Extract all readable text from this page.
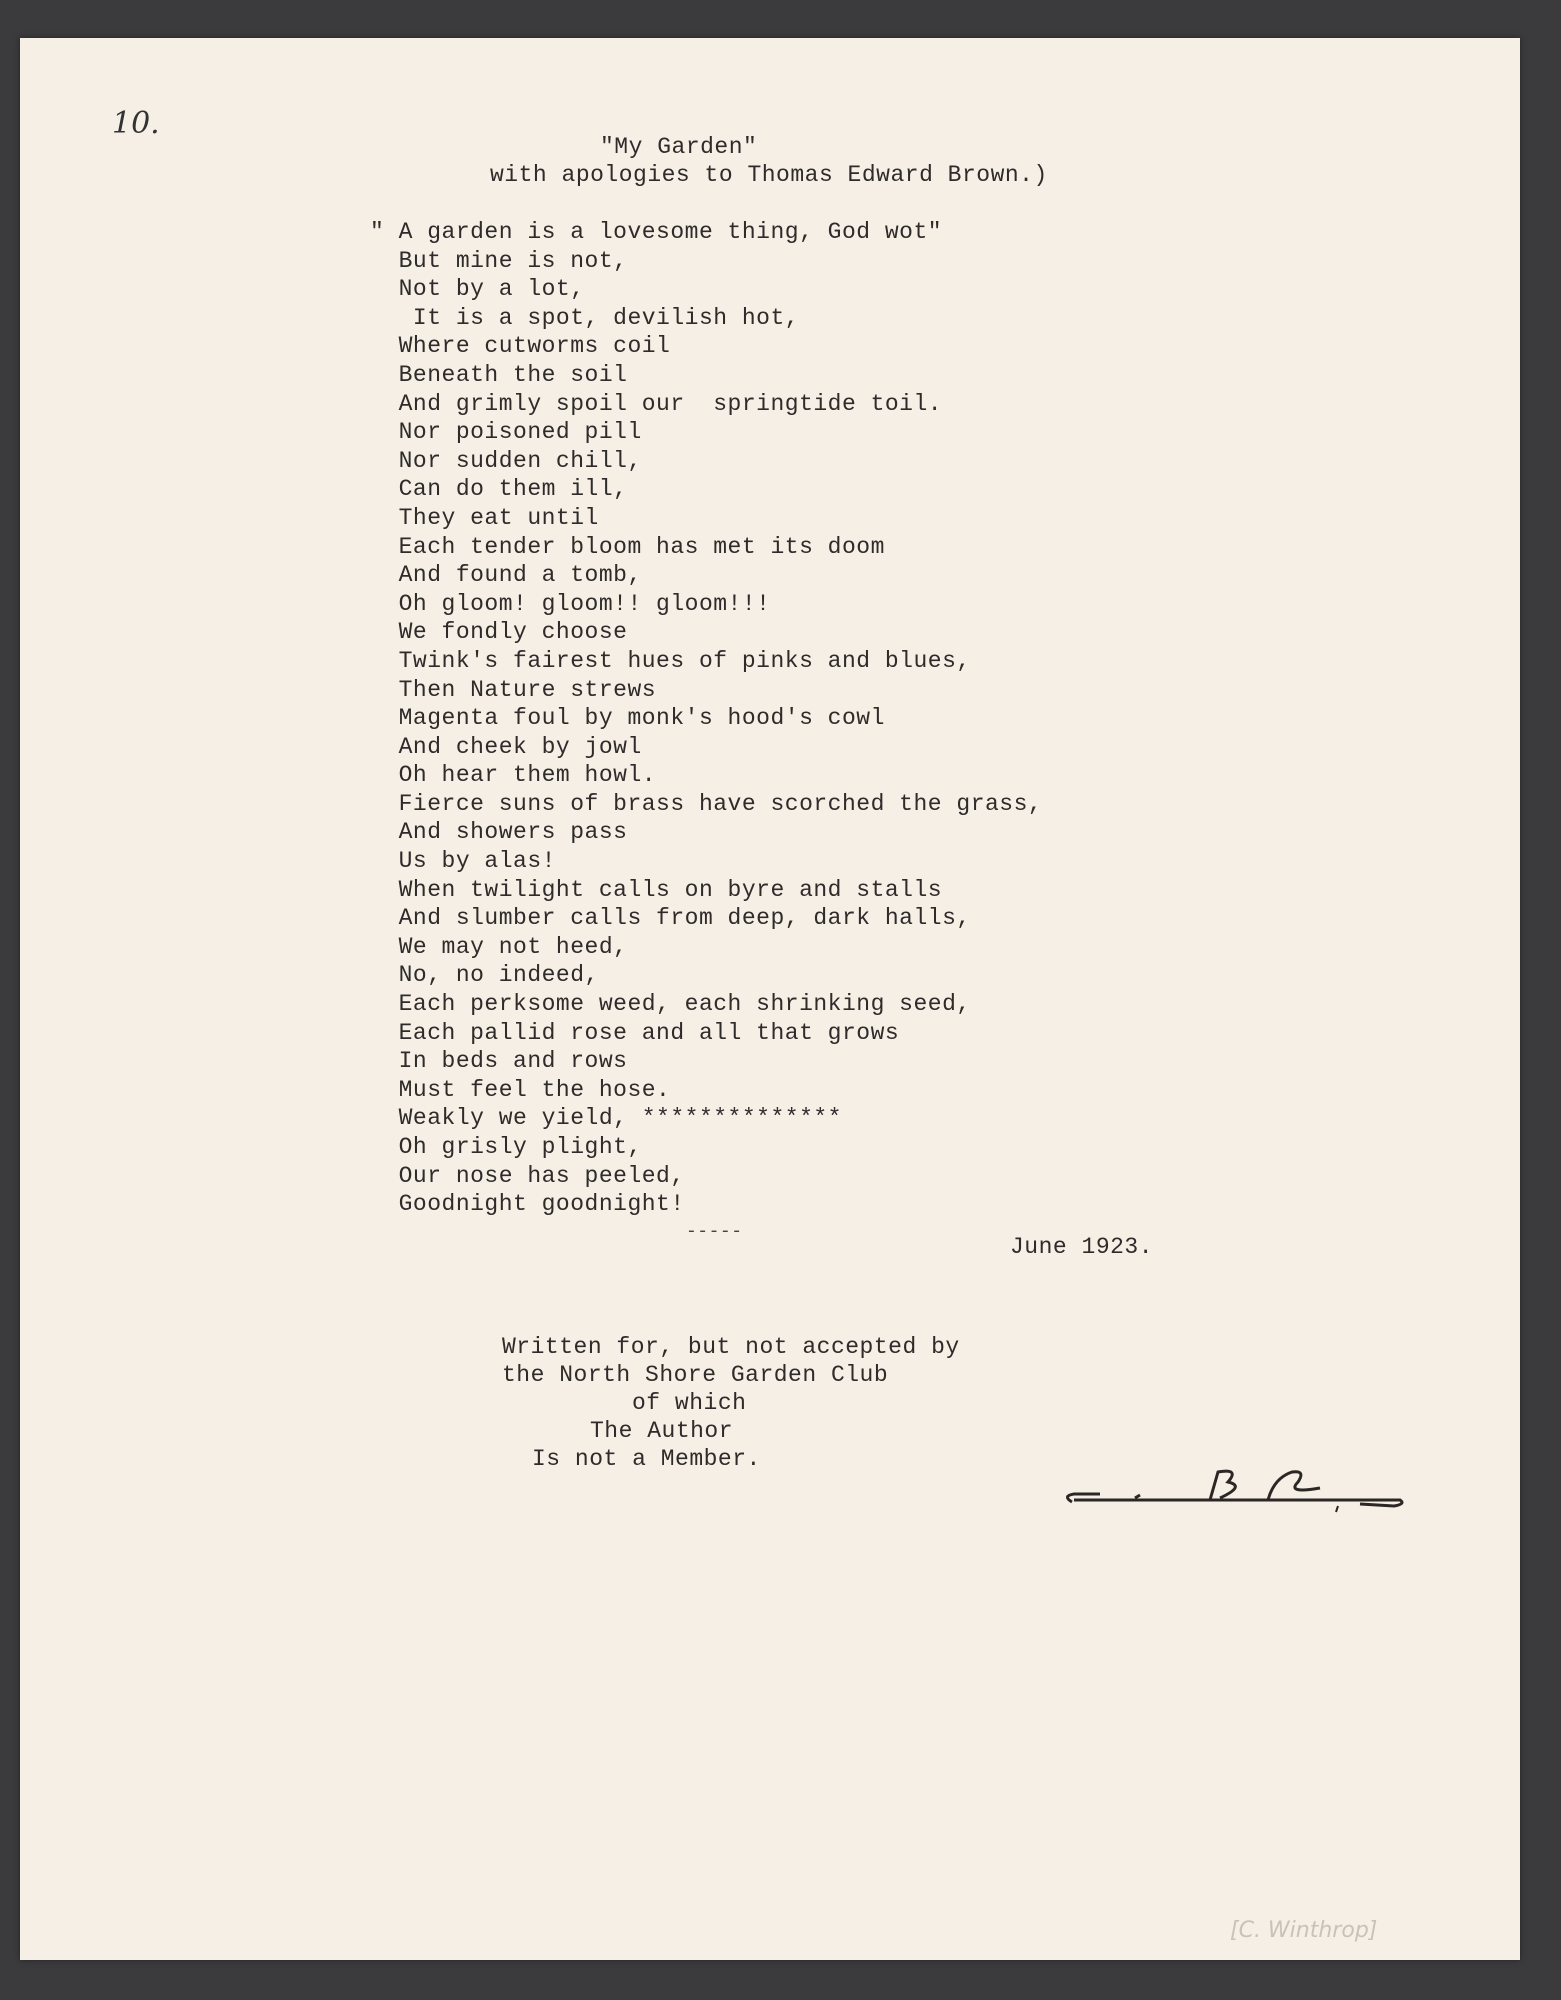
10.
"My Garden"
with apologies to Thomas Edward Brown.)
" A garden is a lovesome thing, God wot"
But mine is not,
Not by a lot,
It is a spot, devilish hot,
Where cutworms coil
Beneath the soil
And grimly spoil our  springtide toil.
Nor poisoned pill
Nor sudden chill,
Can do them ill,
They eat until
Each tender bloom has met its doom
And found a tomb,
Oh gloom! gloom!! gloom!!!
We fondly choose
Twink's fairest hues of pinks and blues,
Then Nature strews
Magenta foul by monk's hood's cowl
And cheek by jowl
Oh hear them howl.
Fierce suns of brass have scorched the grass,
And showers pass
Us by alas!
When twilight calls on byre and stalls
And slumber calls from deep, dark halls,
We may not heed,
No, no indeed,
Each perksome weed, each shrinking seed,
Each pallid rose and all that grows
In beds and rows
Must feel the hose.
Weakly we yield, **************
Oh grisly plight,
Our nose has peeled,
Goodnight goodnight!
-----
June 1923.
Written for, but not accepted by
the North Shore Garden Club
of which
The Author
Is not a Member.
[C. Winthrop]
